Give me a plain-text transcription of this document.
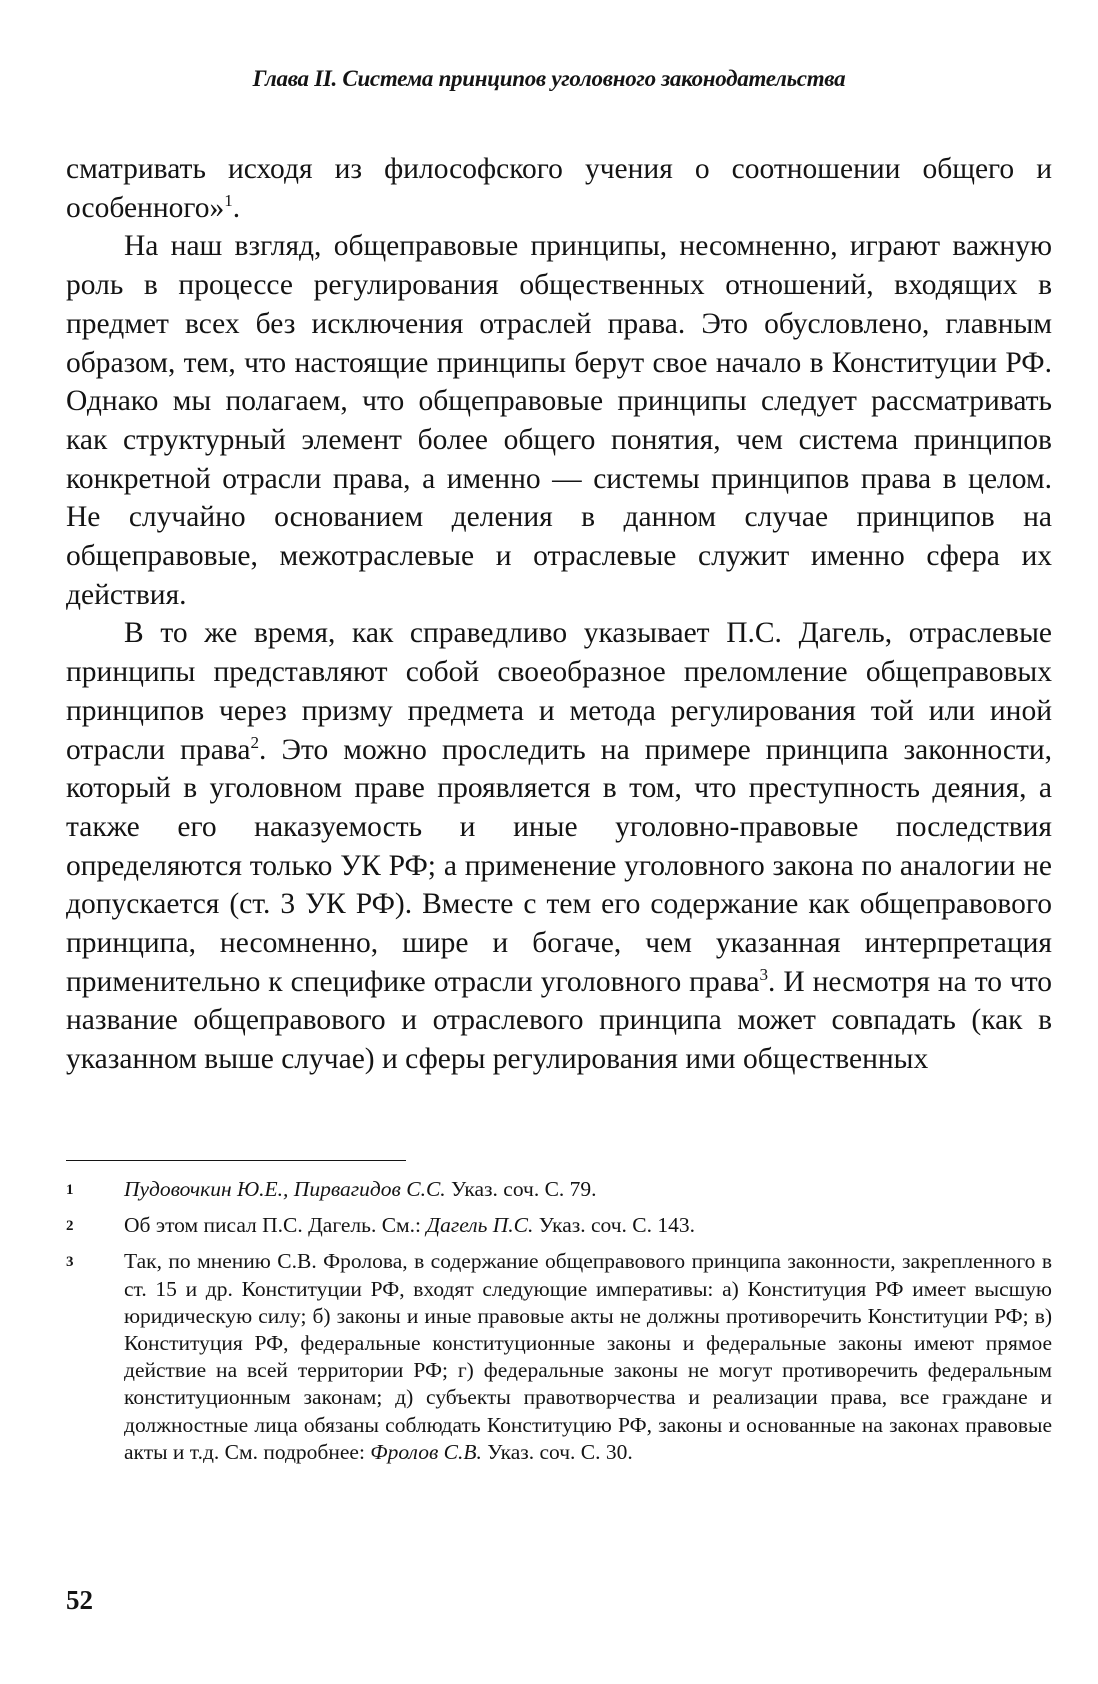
Глава II. Система принципов уголовного законодательства

сматривать исходя из философского учения о соотношении общего и особенного»$^1$.

На наш взгляд, общеправовые принципы, несомненно, играют важную роль в процессе регулирования общественных отношений, входящих в предмет всех без исключения отраслей права. Это обусловлено, главным образом, тем, что настоящие принципы берут свое начало в Конституции РФ. Однако мы полагаем, что общеправовые принципы следует рассматривать как структурный элемент более общего понятия, чем система принципов конкретной отрасли права, а именно — системы принципов права в целом. Не случайно основанием деления в данном случае принципов на общеправовые, межотраслевые и отраслевые служит именно сфера их действия.

В то же время, как справедливо указывает П.С. Дагель, отраслевые принципы представляют собой своеобразное преломление общеправовых принципов через призму предмета и метода регулирования той или иной отрасли права$^2$. Это можно проследить на примере принципа законности, который в уголовном праве проявляется в том, что преступность деяния, а также его наказуемость и иные уголовно-правовые последствия определяются только УК РФ; а применение уголовного закона по аналогии не допускается (ст. 3 УК РФ). Вместе с тем его содержание как общеправового принципа, несомненно, шире и богаче, чем указанная интерпретация применительно к специфике отрасли уголовного права$^3$. И несмотря на то что название общеправового и отраслевого принципа может совпадать (как в указанном выше случае) и сферы регулирования ими общественных

1	Пудовочкин Ю.Е., Пирвагидов С.С. Указ. соч. С. 79.
2	Об этом писал П.С. Дагель. См.: Дагель П.С. Указ. соч. С. 143.
3	Так, по мнению С.В. Фролова, в содержание общеправового принципа законности, закрепленного в ст. 15 и др. Конституции РФ, входят следующие императивы: а) Конституция РФ имеет высшую юридическую силу; б) законы и иные правовые акты не должны противоречить Конституции РФ; в) Конституция РФ, федеральные конституционные законы и федеральные законы имеют прямое действие на всей территории РФ; г) федеральные законы не могут противоречить федеральным конституционным законам; д) субъекты правотворчества и реализации права, все граждане и должностные лица обязаны соблюдать Конституцию РФ, законы и основанные на законах правовые акты и т.д. См. подробнее: Фролов С.В. Указ. соч. С. 30.
52
